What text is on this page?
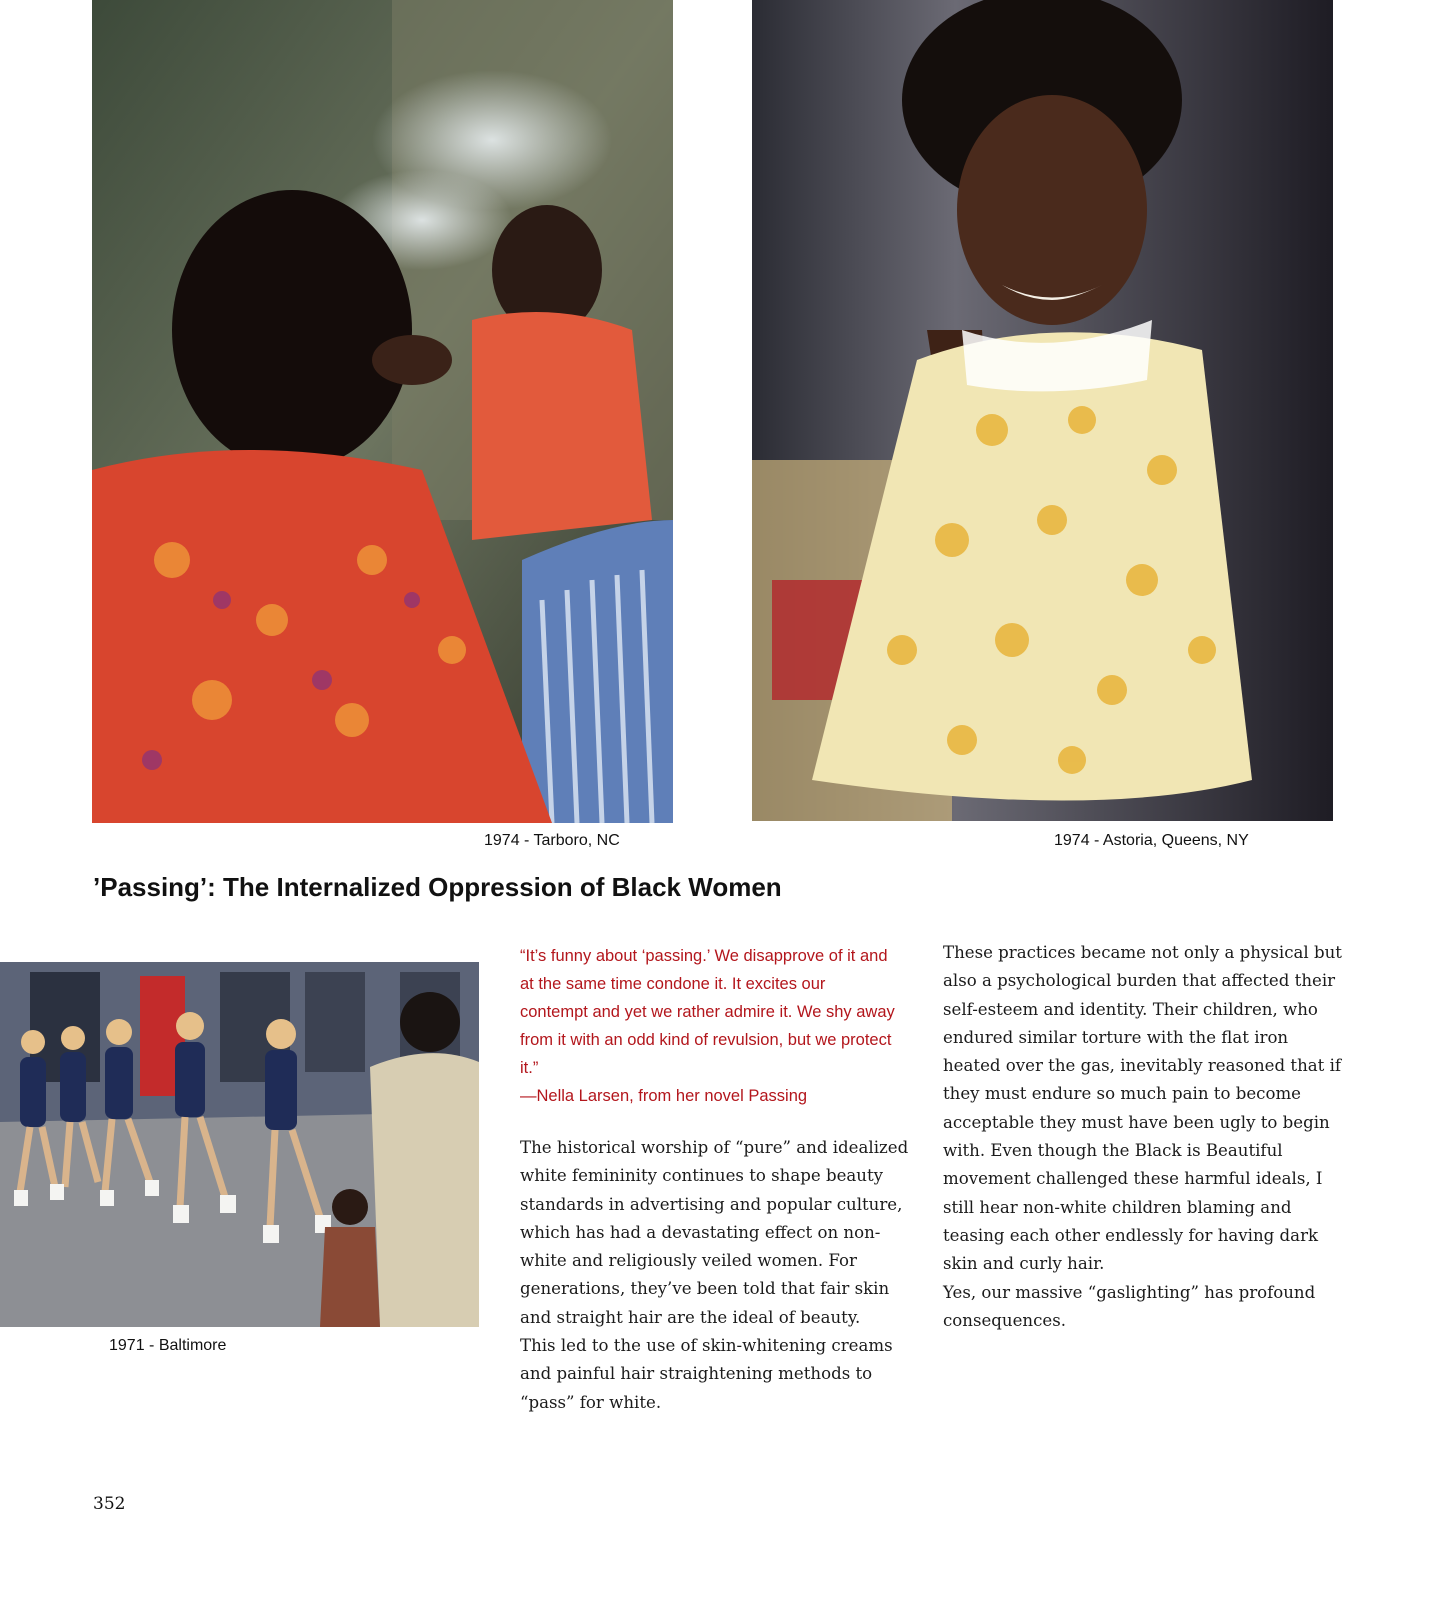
1974 - Tarboro, NC	1974 - Astoria, Queens, NY
’Passing’: The Internalized Oppression of Black Women
1971 - Baltimore

“It’s funny about ‘passing.’ We disapprove of it and at the same time condone it. It excites our contempt and yet we rather admire it. We shy away from it with an odd kind of revulsion, but we protect it.”

—Nella Larsen, from her novel Passing

The historical worship of “pure” and idealized white femininity continues to shape beauty standards in advertising and popular culture, which has had a devastating effect on non-white and religiously veiled women. For generations, they’ve been told that fair skin and straight hair are the ideal of beauty.

This led to the use of skin-whitening creams and painful hair straightening methods to “pass” for white.

These practices became not only a physical but also a psychological burden that affected their self-esteem and identity. Their children, who endured similar torture with the flat iron heated over the gas, inevitably reasoned that if they must endure so much pain to become acceptable they must have been ugly to begin with. Even though the Black is Beautiful movement challenged these harmful ideals, I still hear non-white children blaming and teasing each other endlessly for having dark skin and curly hair.

Yes, our massive “gaslighting” has profound consequences.

352
